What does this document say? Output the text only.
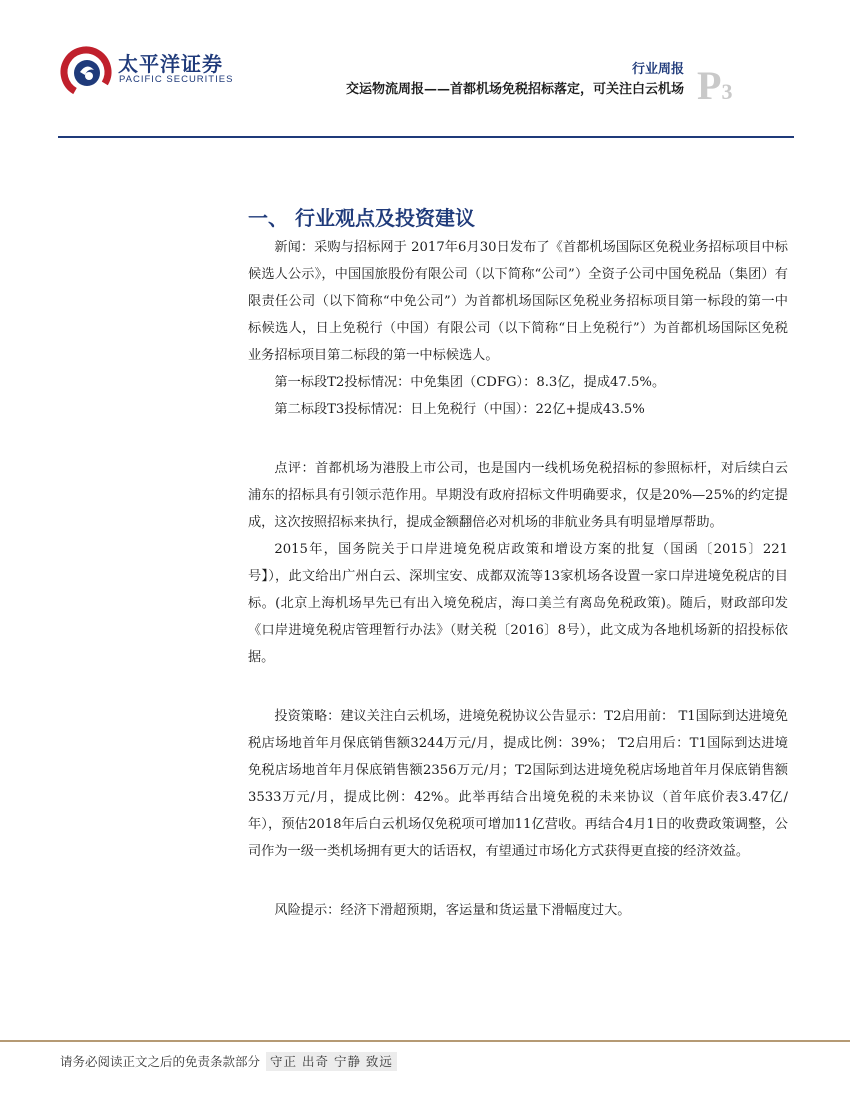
太平洋证券
PACIFIC SECURITIES
行业周报
交运物流周报——首都机场免税招标落定，可关注白云机场 P3
一、 行业观点及投资建议

新闻：采购与招标网于 2017年6月30日发布了《首都机场国际区免税业务招标项目中标候选人公示》，中国国旅股份有限公司（以下简称“公司”）全资子公司中国免税品（集团）有限责任公司（以下简称“中免公司”）为首都机场国际区免税业务招标项目第一标段的第一中标候选人，日上免税行（中国）有限公司（以下简称“日上免税行”）为首都机场国际区免税业务招标项目第二标段的第一中标候选人。

第一标段T2投标情况：中免集团（CDFG）：8.3亿，提成47.5%。

第二标段T3投标情况：日上免税行（中国）：22亿+提成43.5%

点评：首都机场为港股上市公司，也是国内一线机场免税招标的参照标杆，对后续白云浦东的招标具有引领示范作用。早期没有政府招标文件明确要求，仅是20%—25%的约定提成，这次按照招标来执行，提成金额翻倍必对机场的非航业务具有明显增厚帮助。

2015年，国务院关于口岸进境免税店政策和增设方案的批复（国函〔2015〕221号】），此文给出广州白云、深圳宝安、成都双流等13家机场各设置一家口岸进境免税店的目标。(北京上海机场早先已有出入境免税店，海口美兰有离岛免税政策)。随后，财政部印发《口岸进境免税店管理暂行办法》（财关税〔2016〕8号），此文成为各地机场新的招投标依据。

投资策略：建议关注白云机场，进境免税协议公告显示：T2启用前： T1国际到达进境免税店场地首年月保底销售额3244万元/月，提成比例：39%； T2启用后：T1国际到达进境免税店场地首年月保底销售额2356万元/月；T2国际到达进境免税店场地首年月保底销售额3533万元/月，提成比例：42%。此举再结合出境免税的未来协议（首年底价表3.47亿/年），预估2018年后白云机场仅免税项可增加11亿营收。再结合4月1日的收费政策调整，公司作为一级一类机场拥有更大的话语权，有望通过市场化方式获得更直接的经济效益。

风险提示：经济下滑超预期，客运量和货运量下滑幅度过大。

请务必阅读正文之后的免责条款部分 守正 出奇 宁静 致远
